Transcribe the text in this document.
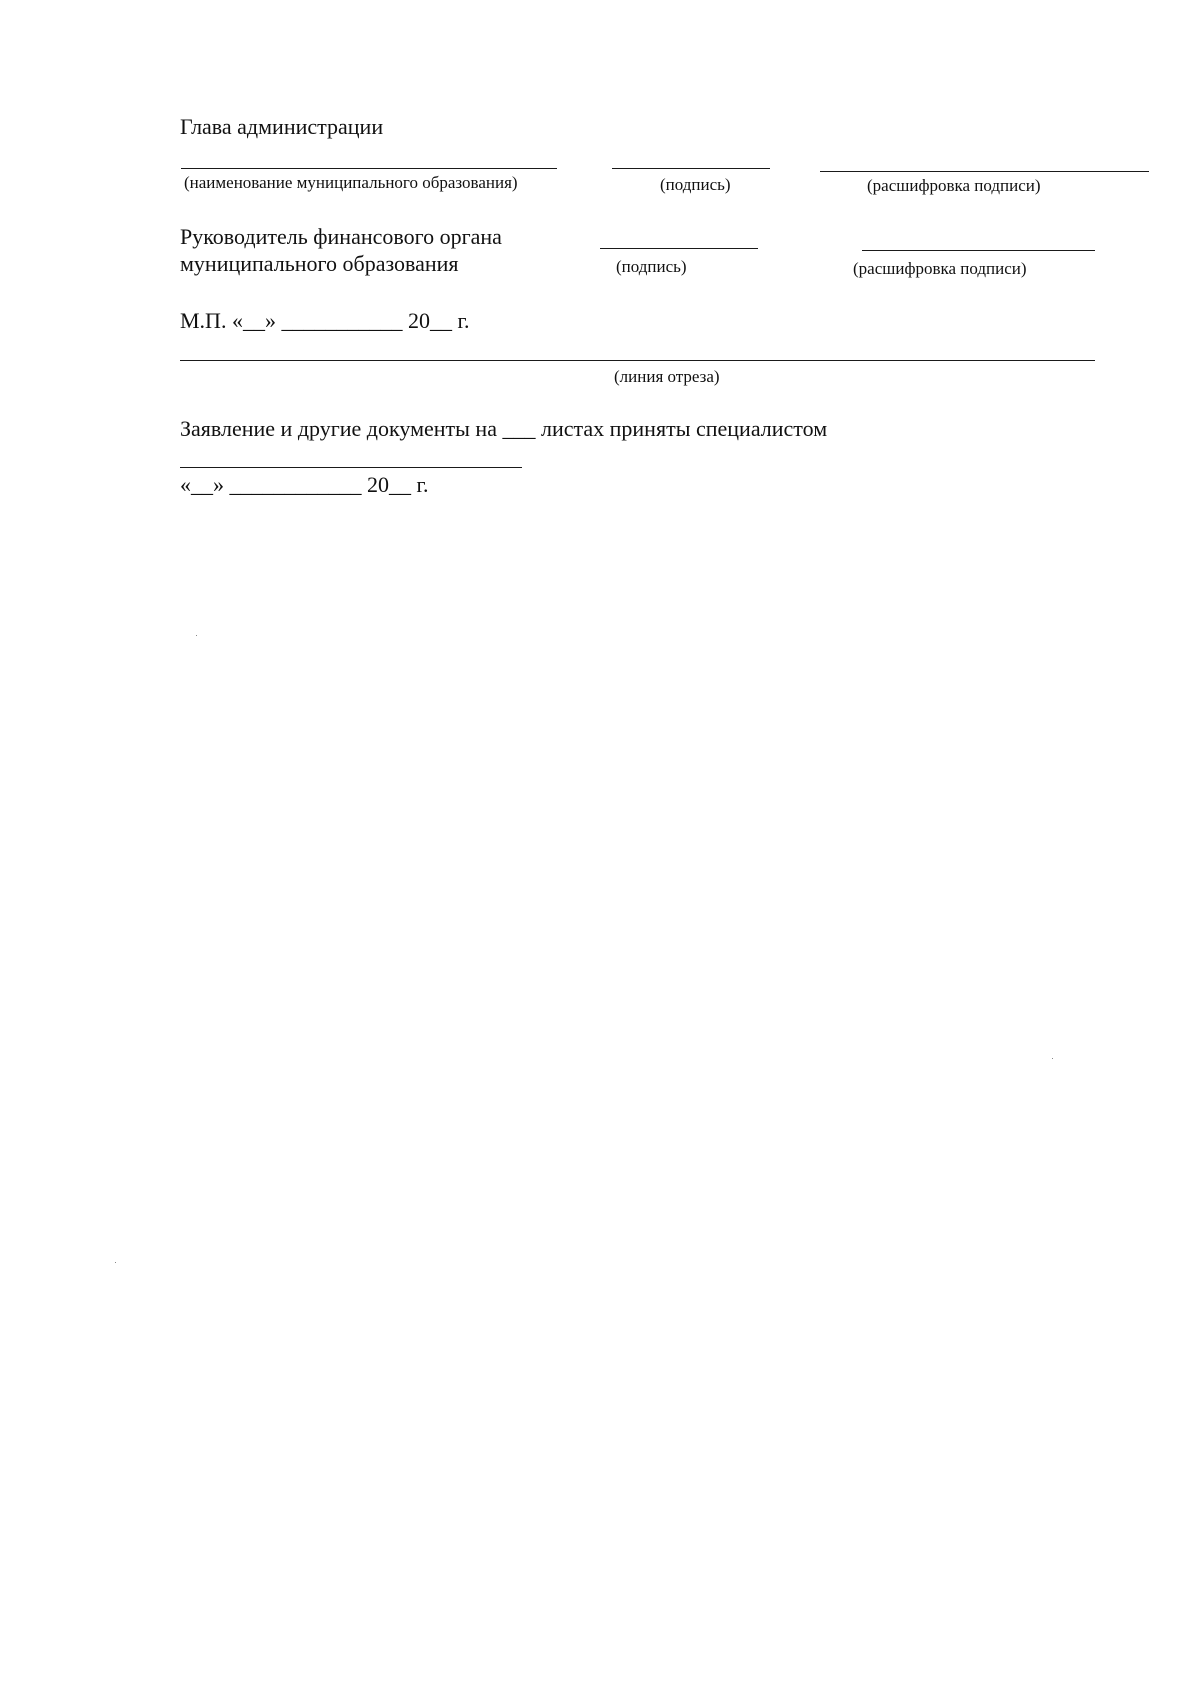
Глава администрации
(наименование муниципального образования)	(подпись)	(расшифровка подписи)
Руководитель финансового органа
муниципального образования	(подпись)	(расшифровка подписи)
М.П. «__» ___________ 20__ г.
(линия отреза)
Заявление и другие документы на ___ листах приняты специалистом
«__» ____________ 20__ г.
